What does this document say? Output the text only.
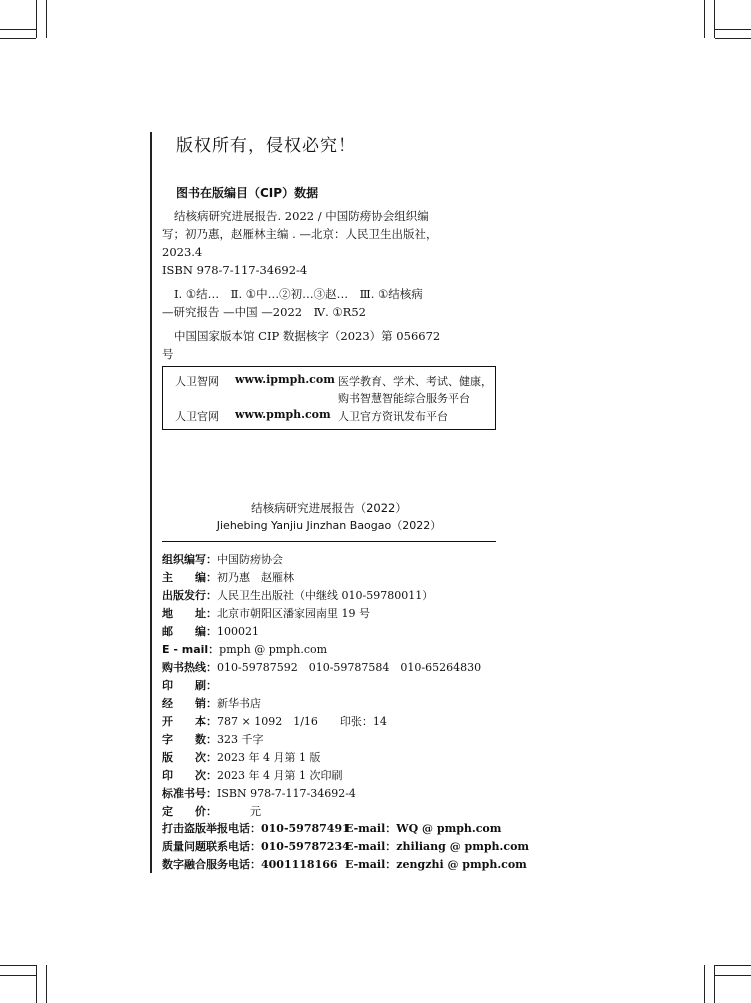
版权所有，侵权必究！
图书在版编目（CIP）数据

结核病研究进展报告. 2022 / 中国防痨协会组织编

写；初乃惠，赵雁林主编 . —北京：人民卫生出版社，

2023.4

ISBN 978-7-117-34692-4

Ⅰ. ①结…　Ⅱ. ①中…②初…③赵…　Ⅲ. ①结核病

—研究报告 —中国 —2022　Ⅳ. ①R52

中国国家版本馆 CIP 数据核字（2023）第 056672 号

人卫智网 www.ipmph.com 医学教育、学术、考试、健康，
购书智慧智能综合服务平台
人卫官网 www.pmph.com 人卫官方资讯发布平台
结核病研究进展报告（2022）
Jiehebing Yanjiu Jinzhan Baogao（2022）
组织编写：中国防痨协会
主　　编：初乃惠　赵雁林
出版发行：人民卫生出版社（中继线 010-59780011）
地　　址：北京市朝阳区潘家园南里 19 号
邮　　编：100021
E - mail：pmph @ pmph.com
购书热线：010-59787592　010-59787584　010-65264830
印　　刷：
经　　销：新华书店
开　　本：787 × 1092　1/16　　印张：14
字　　数：323 千字
版　　次：2023 年 4 月第 1 版
印　　次：2023 年 4 月第 1 次印刷
标准书号：ISBN 978-7-117-34692-4
定　　价：　　　元
打击盗版举报电话：010-59787491
E-mail：WQ @ pmph.com
质量问题联系电话：010-59787234
E-mail：zhiliang @ pmph.com
数字融合服务电话：4001118166 E-mail：zengzhi @ pmph.com
